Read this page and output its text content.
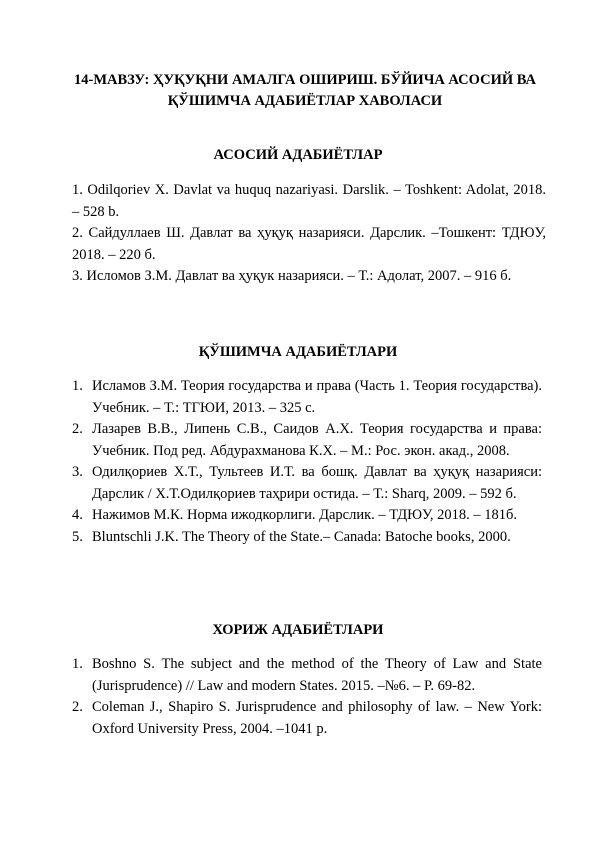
14-МАВЗУ: ҲУҚУҚНИ АМАЛГА ОШИРИШ. БЎЙИЧА АСОСИЙ ВА ҚЎШИМЧА АДАБИЁТЛАР ХАВОЛАСИ
АСОСИЙ АДАБИЁТЛАР
1. Odilqoriev X. Davlat va huquq nazariyasi. Darslik. – Toshkent: Adolat, 2018. – 528 b.
2. Сайдуллаев Ш. Давлат ва ҳуқуқ назарияси. Дарслик. –Тошкент: ТДЮУ, 2018. – 220 б.
3. Исломов З.М. Давлат ва ҳуқук назарияси. – Т.: Адолат, 2007. – 916 б.
ҚЎШИМЧА АДАБИЁТЛАРИ
1. Исламов З.М. Теория государства и права (Часть 1. Теория государства). Учебник. – Т.: ТГЮИ, 2013. – 325 с.
2. Лазарев В.В., Липень С.В., Саидов А.Х. Теория государства и права: Учебник. Под ред. Абдурахманова К.Х. – М.: Рос. экон. акад., 2008.
3. Одилқориев Х.Т., Тультеев И.Т. ва бошқ. Давлат ва ҳуқуқ назарияси: Дарслик / Х.Т.Одилқориев таҳрири остида. – Т.: Sharq, 2009. – 592 б.
4. Нажимов М.К. Норма ижодкорлиги. Дарслик. – ТДЮУ, 2018. – 181б.
5. Bluntschli J.K. The Theory of the State.– Canada: Batoche books, 2000.
ХОРИЖ АДАБИЁТЛАРИ
1. Boshno S. The subject and the method of the Theory of Law and State (Jurisprudence) // Law and modern States. 2015. –№6. – P. 69-82.
2. Coleman J., Shapiro S. Jurisprudence and philosophy of law. – New York: Oxford University Press, 2004. –1041 p.
